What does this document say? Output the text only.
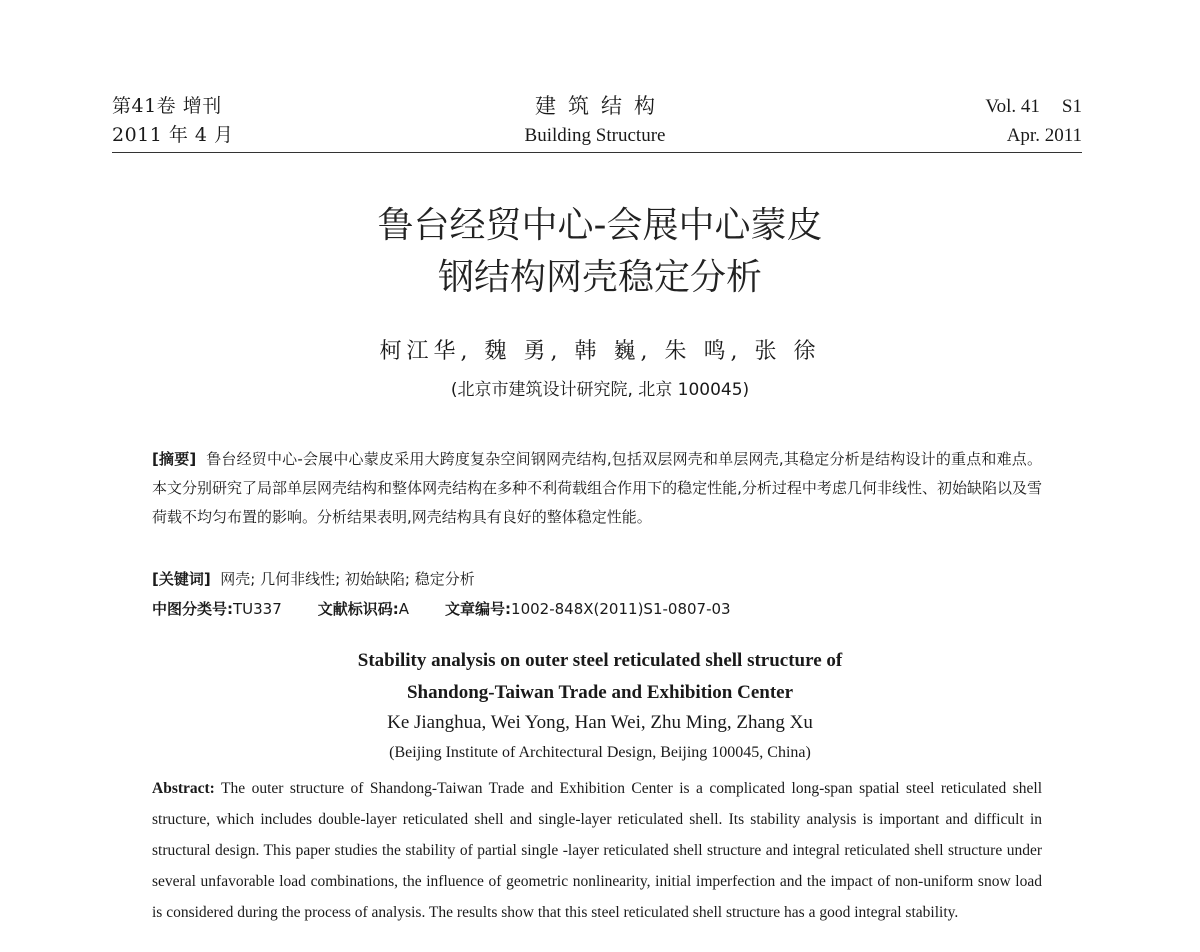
第41卷 增刊
2011 年 4 月
建筑结构
Building Structure
Vol. 41 S1
Apr. 2011
鲁台经贸中心-会展中心蒙皮
钢结构网壳稳定分析
柯江华, 魏 勇, 韩 巍, 朱 鸣, 张 徐
(北京市建筑设计研究院, 北京 100045)

[摘要] 鲁台经贸中心-会展中心蒙皮采用大跨度复杂空间钢网壳结构,包括双层网壳和单层网壳,其稳定分析是结构设计的重点和难点。本文分别研究了局部单层网壳结构和整体网壳结构在多种不利荷载组合作用下的稳定性能,分析过程中考虑几何非线性、初始缺陷以及雪荷载不均匀布置的影响。分析结果表明,网壳结构具有良好的整体稳定性能。

[关键词] 网壳; 几何非线性; 初始缺陷; 稳定分析
中图分类号:TU337 文献标识码:A 文章编号:1002-848X(2011)S1-0807-03
Stability analysis on outer steel reticulated shell structure of
Shandong-Taiwan Trade and Exhibition Center
Ke Jianghua, Wei Yong, Han Wei, Zhu Ming, Zhang Xu
(Beijing Institute of Architectural Design, Beijing 100045, China)

Abstract: The outer structure of Shandong-Taiwan Trade and Exhibition Center is a complicated long-span spatial steel reticulated shell structure, which includes double-layer reticulated shell and single-layer reticulated shell. Its stability analysis is important and difficult in structural design. This paper studies the stability of partial single -layer reticulated shell structure and integral reticulated shell structure under several unfavorable load combinations, the influence of geometric nonlinearity, initial imperfection and the impact of non-uniform snow load is considered during the process of analysis. The results show that this steel reticulated shell structure has a good integral stability.
